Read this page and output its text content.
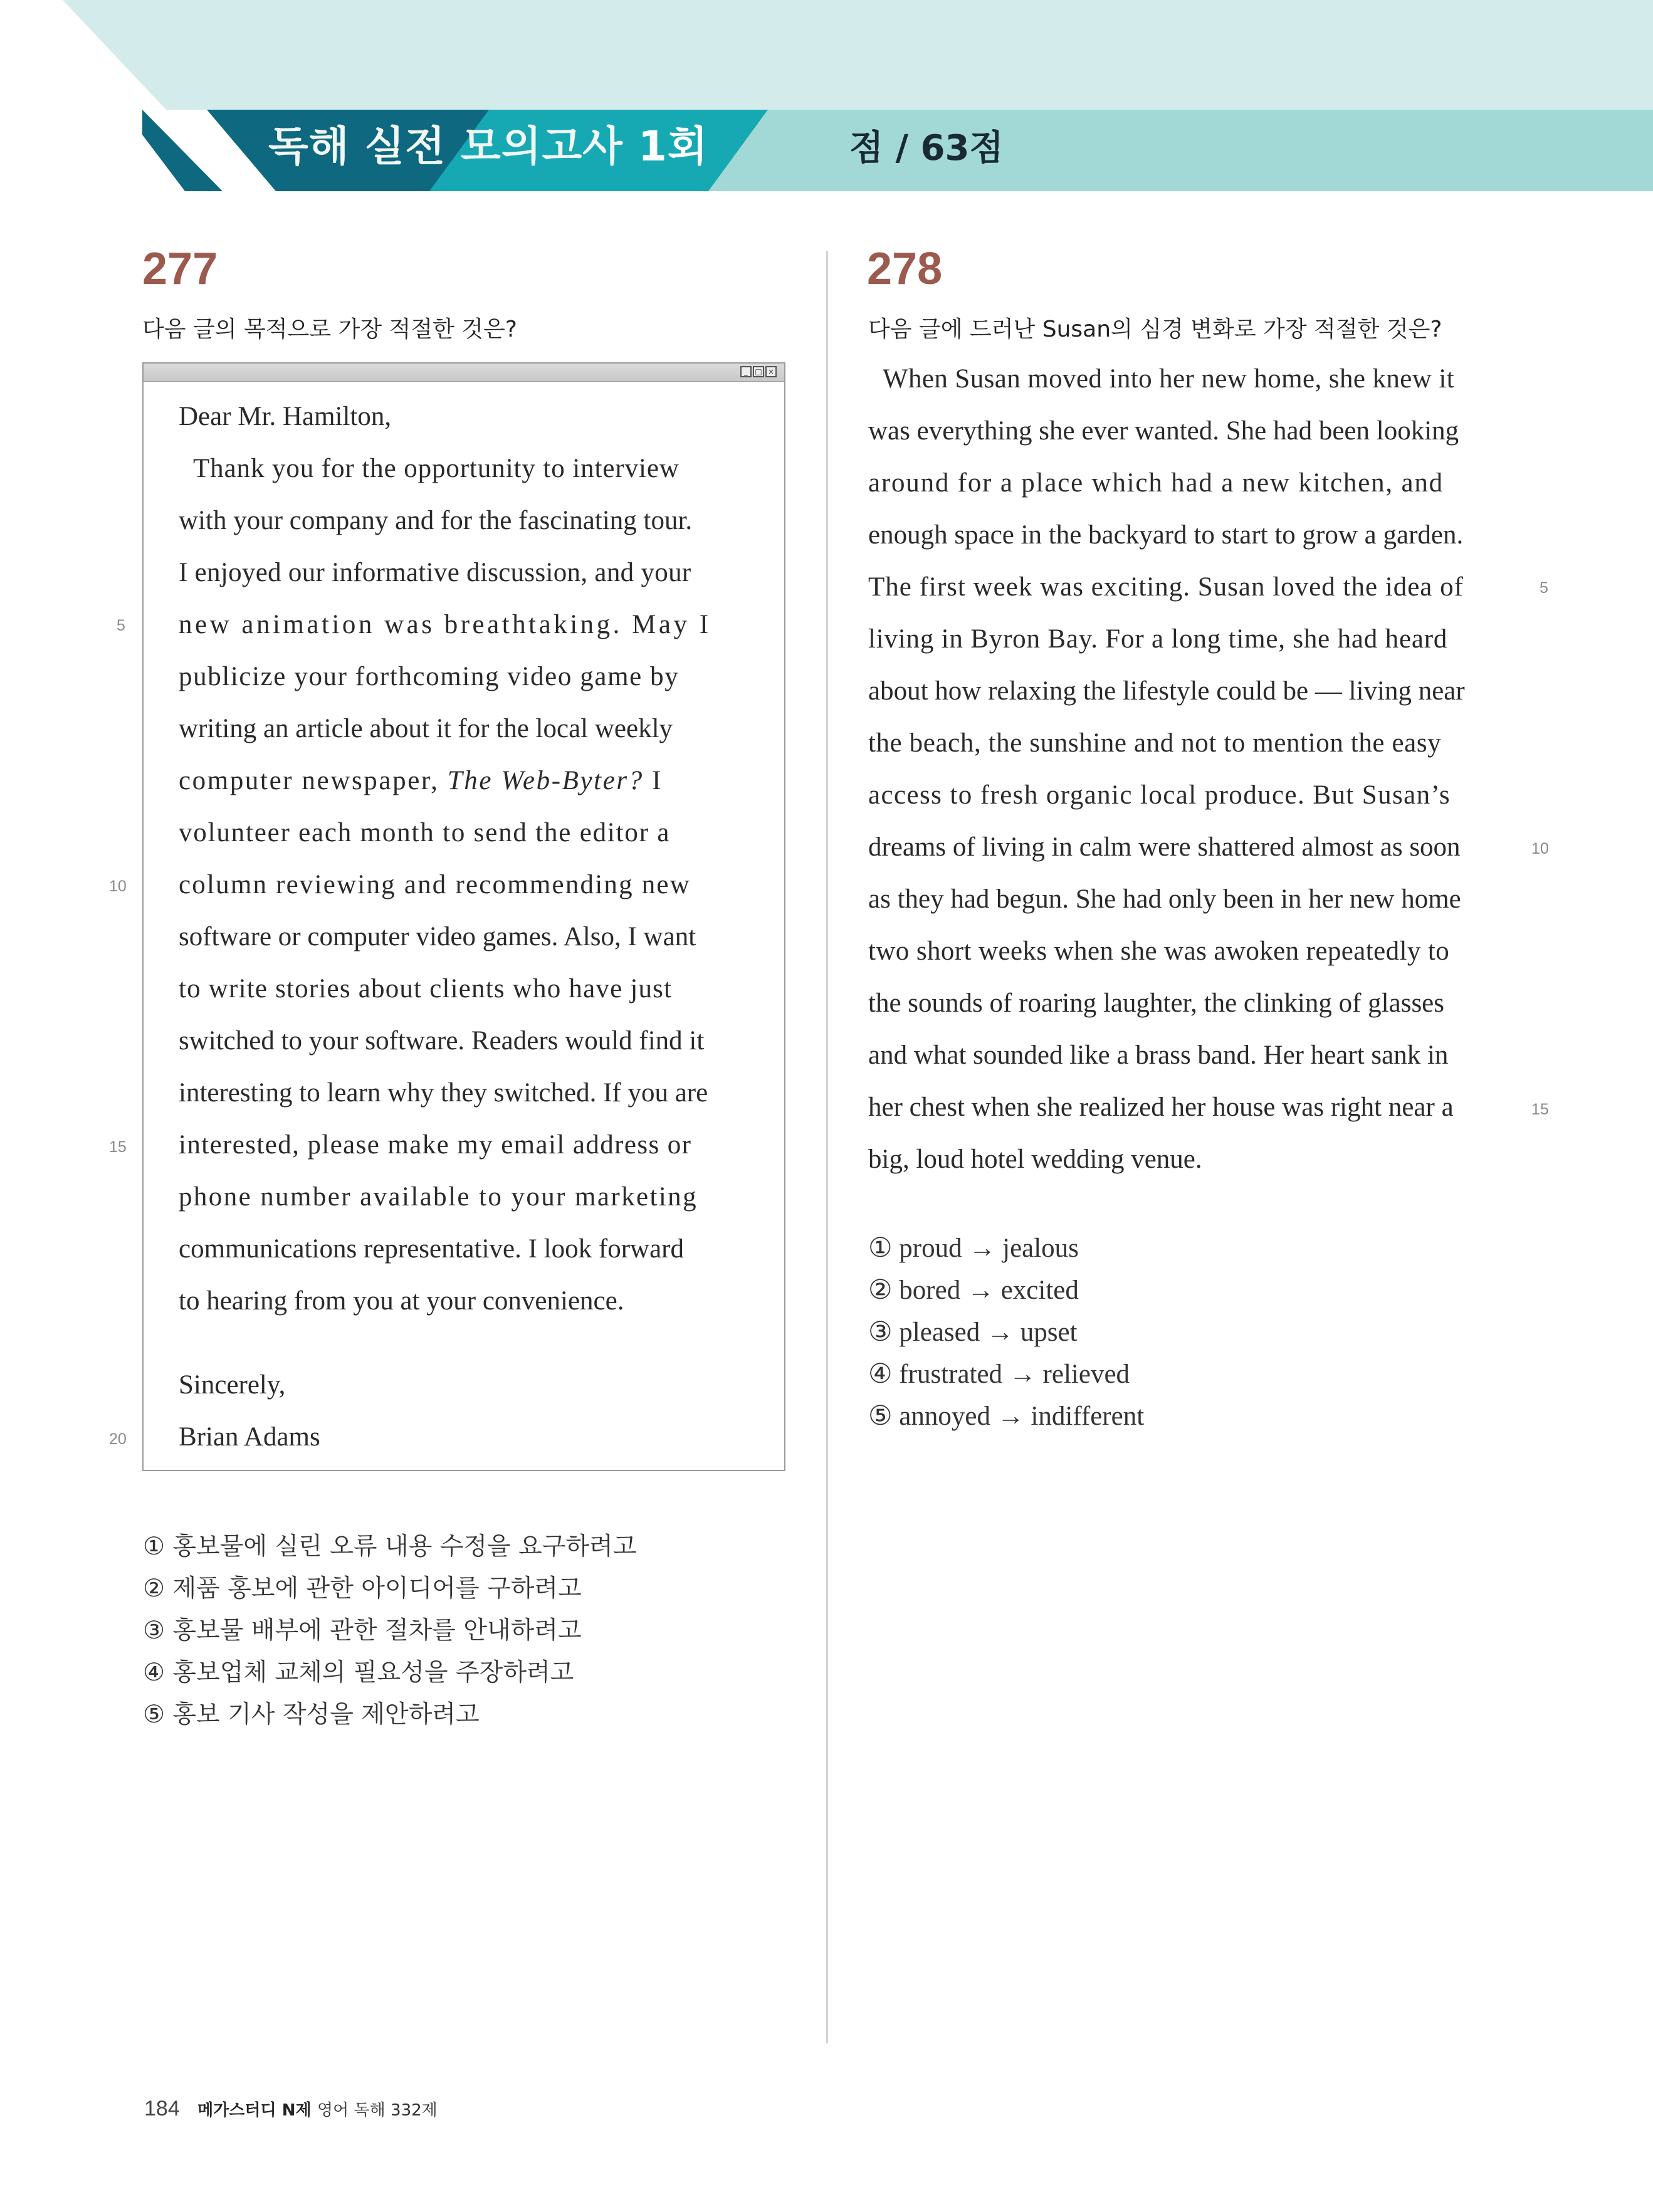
독해 실전 모의고사 1회	점 / 63점
277
다음 글의 목적으로 가장 적절한 것은?
_ □ ×
Dear Mr. Hamilton,
Thank you for the opportunity to interview
with your company and for the fascinating tour.
I enjoyed our informative discussion, and your
new animation was breathtaking. May I
publicize your forthcoming video game by
writing an article about it for the local weekly
computer newspaper, The Web-Byter? I
volunteer each month to send the editor a
column reviewing and recommending new
software or computer video games. Also, I want
to write stories about clients who have just
switched to your software. Readers would find it
interesting to learn why they switched. If you are
interested, please make my email address or
phone number available to your marketing
communications representative. I look forward
to hearing from you at your convenience.
Sincerely,
Brian Adams
5
10
15
20
① 홍보물에 실린 오류 내용 수정을 요구하려고
② 제품 홍보에 관한 아이디어를 구하려고
③ 홍보물 배부에 관한 절차를 안내하려고
④ 홍보업체 교체의 필요성을 주장하려고
⑤ 홍보 기사 작성을 제안하려고
278
다음 글에 드러난 Susan의 심경 변화로 가장 적절한 것은?
When Susan moved into her new home, she knew it
was everything she ever wanted. She had been looking
around for a place which had a new kitchen, and
enough space in the backyard to start to grow a garden.
The first week was exciting. Susan loved the idea of
living in Byron Bay. For a long time, she had heard
about how relaxing the lifestyle could be — living near
the beach, the sunshine and not to mention the easy
access to fresh organic local produce. But Susan’s
dreams of living in calm were shattered almost as soon
as they had begun. She had only been in her new home
two short weeks when she was awoken repeatedly to
the sounds of roaring laughter, the clinking of glasses
and what sounded like a brass band. Her heart sank in
her chest when she realized her house was right near a
big, loud hotel wedding venue.
5
10
15
① proud → jealous
② bored → excited
③ pleased → upset
④ frustrated → relieved
⑤ annoyed → indifferent
184 메가스터디 N제 영어 독해 332제
